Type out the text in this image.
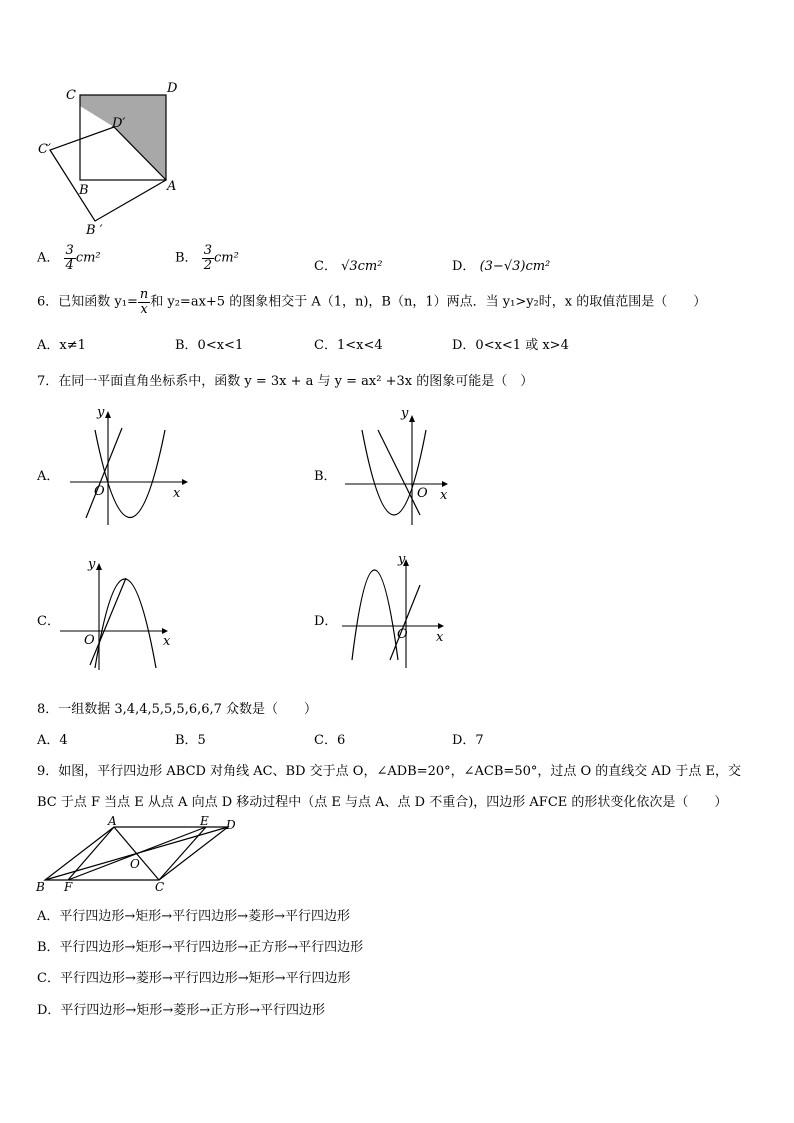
C	D
D′
C′
B	A
B ′
A． $\frac{3}{4} cm^2$	B． $\frac{3}{2} cm^2$
C． √3cm²	D． (3−√3)cm²
6．已知函数 $y_1= \frac{n}{x}$ 和 y₂=ax+5 的图象相交于 A（1，n)，B（n，1）两点．当 y₁>y₂时，x 的取值范围是（　　）
A．x≠1	B．0<x<1	C．1<x<4	D．0<x<1 或 x>4
7．在同一平面直角坐标系中，函数 y = 3x + a 与 y = ax² +3x 的图象可能是（　）
A．
y
x
O
B．
y
x
O
C．
y
x
O
D．
y
x
O
8．一组数据 3,4,4,5,5,5,6,6,7 众数是（　　）
A．4	B．5	C．6	D．7
9．如图，平行四边形 ABCD 对角线 AC、BD 交于点 O，∠ADB=20°，∠ACB=50°，过点 O 的直线交 AD 于点 E，交
BC 于点 F 当点 E 从点 A 向点 D 移动过程中（点 E 与点 A、点 D 不重合)，四边形 AFCE 的形状变化依次是（　　）
A	E D
O
B F	C
A．平行四边形→矩形→平行四边形→菱形→平行四边形
B．平行四边形→矩形→平行四边形→正方形→平行四边形
C．平行四边形→菱形→平行四边形→矩形→平行四边形
D．平行四边形→矩形→菱形→正方形→平行四边形
